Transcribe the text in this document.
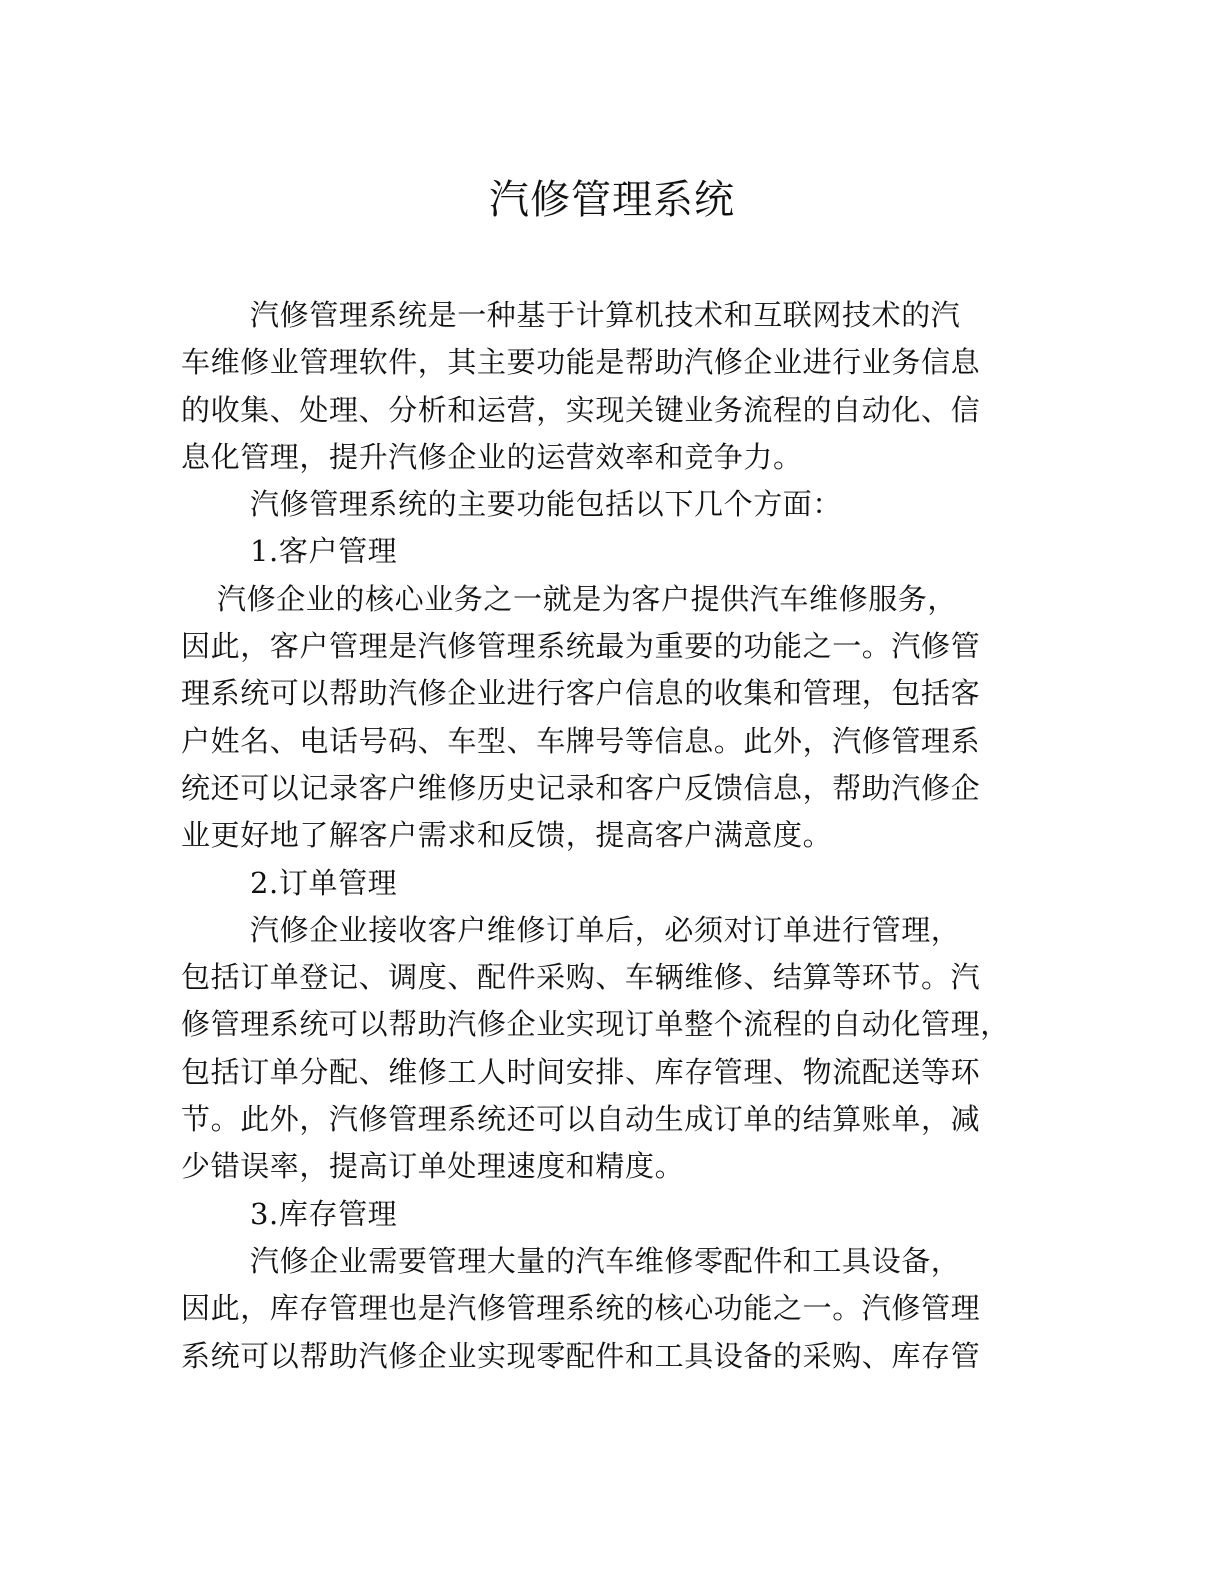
汽修管理系统
汽修管理系统是一种基于计算机技术和互联网技术的汽
车维修业管理软件，其主要功能是帮助汽修企业进行业务信息
的收集、处理、分析和运营，实现关键业务流程的自动化、信
息化管理，提升汽修企业的运营效率和竞争力。
汽修管理系统的主要功能包括以下几个方面：
1.客户管理
汽修企业的核心业务之一就是为客户提供汽车维修服务，
因此，客户管理是汽修管理系统最为重要的功能之一。汽修管
理系统可以帮助汽修企业进行客户信息的收集和管理，包括客
户姓名、电话号码、车型、车牌号等信息。此外，汽修管理系
统还可以记录客户维修历史记录和客户反馈信息，帮助汽修企
业更好地了解客户需求和反馈，提高客户满意度。
2.订单管理
汽修企业接收客户维修订单后，必须对订单进行管理，
包括订单登记、调度、配件采购、车辆维修、结算等环节。汽
修管理系统可以帮助汽修企业实现订单整个流程的自动化管理，
包括订单分配、维修工人时间安排、库存管理、物流配送等环
节。此外，汽修管理系统还可以自动生成订单的结算账单，减
少错误率，提高订单处理速度和精度。
3.库存管理
汽修企业需要管理大量的汽车维修零配件和工具设备，
因此，库存管理也是汽修管理系统的核心功能之一。汽修管理
系统可以帮助汽修企业实现零配件和工具设备的采购、库存管
